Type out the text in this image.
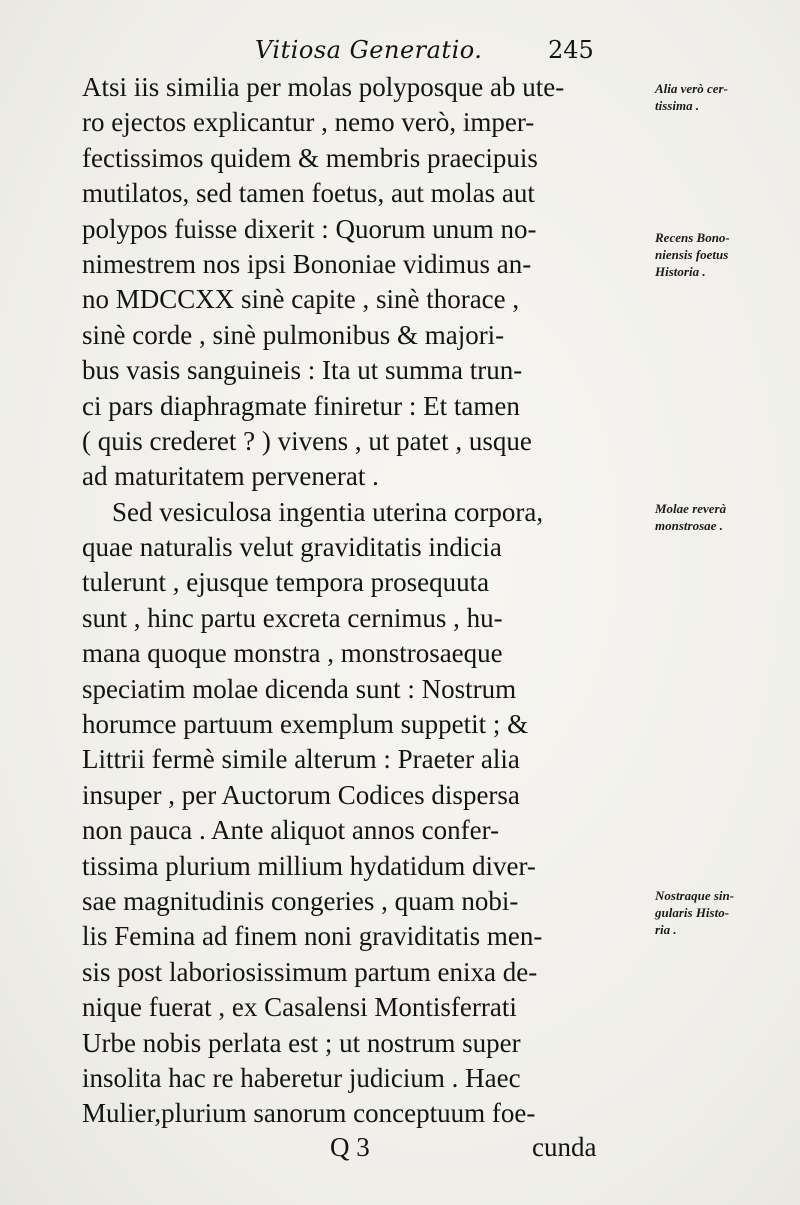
Vitiosa Generatio.	245
Atsi iis similia per molas polyposque ab ute-
ro ejectos explicantur , nemo verò, imper-
fectissimos quidem & membris praecipuis
mutilatos, sed tamen foetus, aut molas aut
polypos fuisse dixerit : Quorum unum no-
nimestrem nos ipsi Bononiae vidimus an-
no MDCCXX sinè capite , sinè thorace ,
sinè corde , sinè pulmonibus & majori-
bus vasis sanguineis : Ita ut summa trun-
ci pars diaphragmate finiretur : Et tamen
( quis crederet ? ) vivens , ut patet , usque
ad maturitatem pervenerat .
Sed vesiculosa ingentia uterina corpora,
quae naturalis velut graviditatis indicia
tulerunt , ejusque tempora prosequuta
sunt , hinc partu excreta cernimus , hu-
mana quoque monstra , monstrosaeque
speciatim molae dicenda sunt : Nostrum
horumce partuum exemplum suppetit ; &
Littrii fermè simile alterum : Praeter alia
insuper , per Auctorum Codices dispersa
non pauca . Ante aliquot annos confer-
tissima plurium millium hydatidum diver-
sae magnitudinis congeries , quam nobi-
lis Femina ad finem noni graviditatis men-
sis post laboriosissimum partum enixa de-
nique fuerat , ex Casalensi Montisferrati
Urbe nobis perlata est ; ut nostrum super
insolita hac re haberetur judicium . Haec
Mulier,plurium sanorum conceptuum foe-
Alia verò cer-
tissima .
Recens Bono-
niensis foetus
Historia .
Molae reverà
monstrosae .
Nostraque sin-
gularis Histo-
ria .
Q 3	cunda
